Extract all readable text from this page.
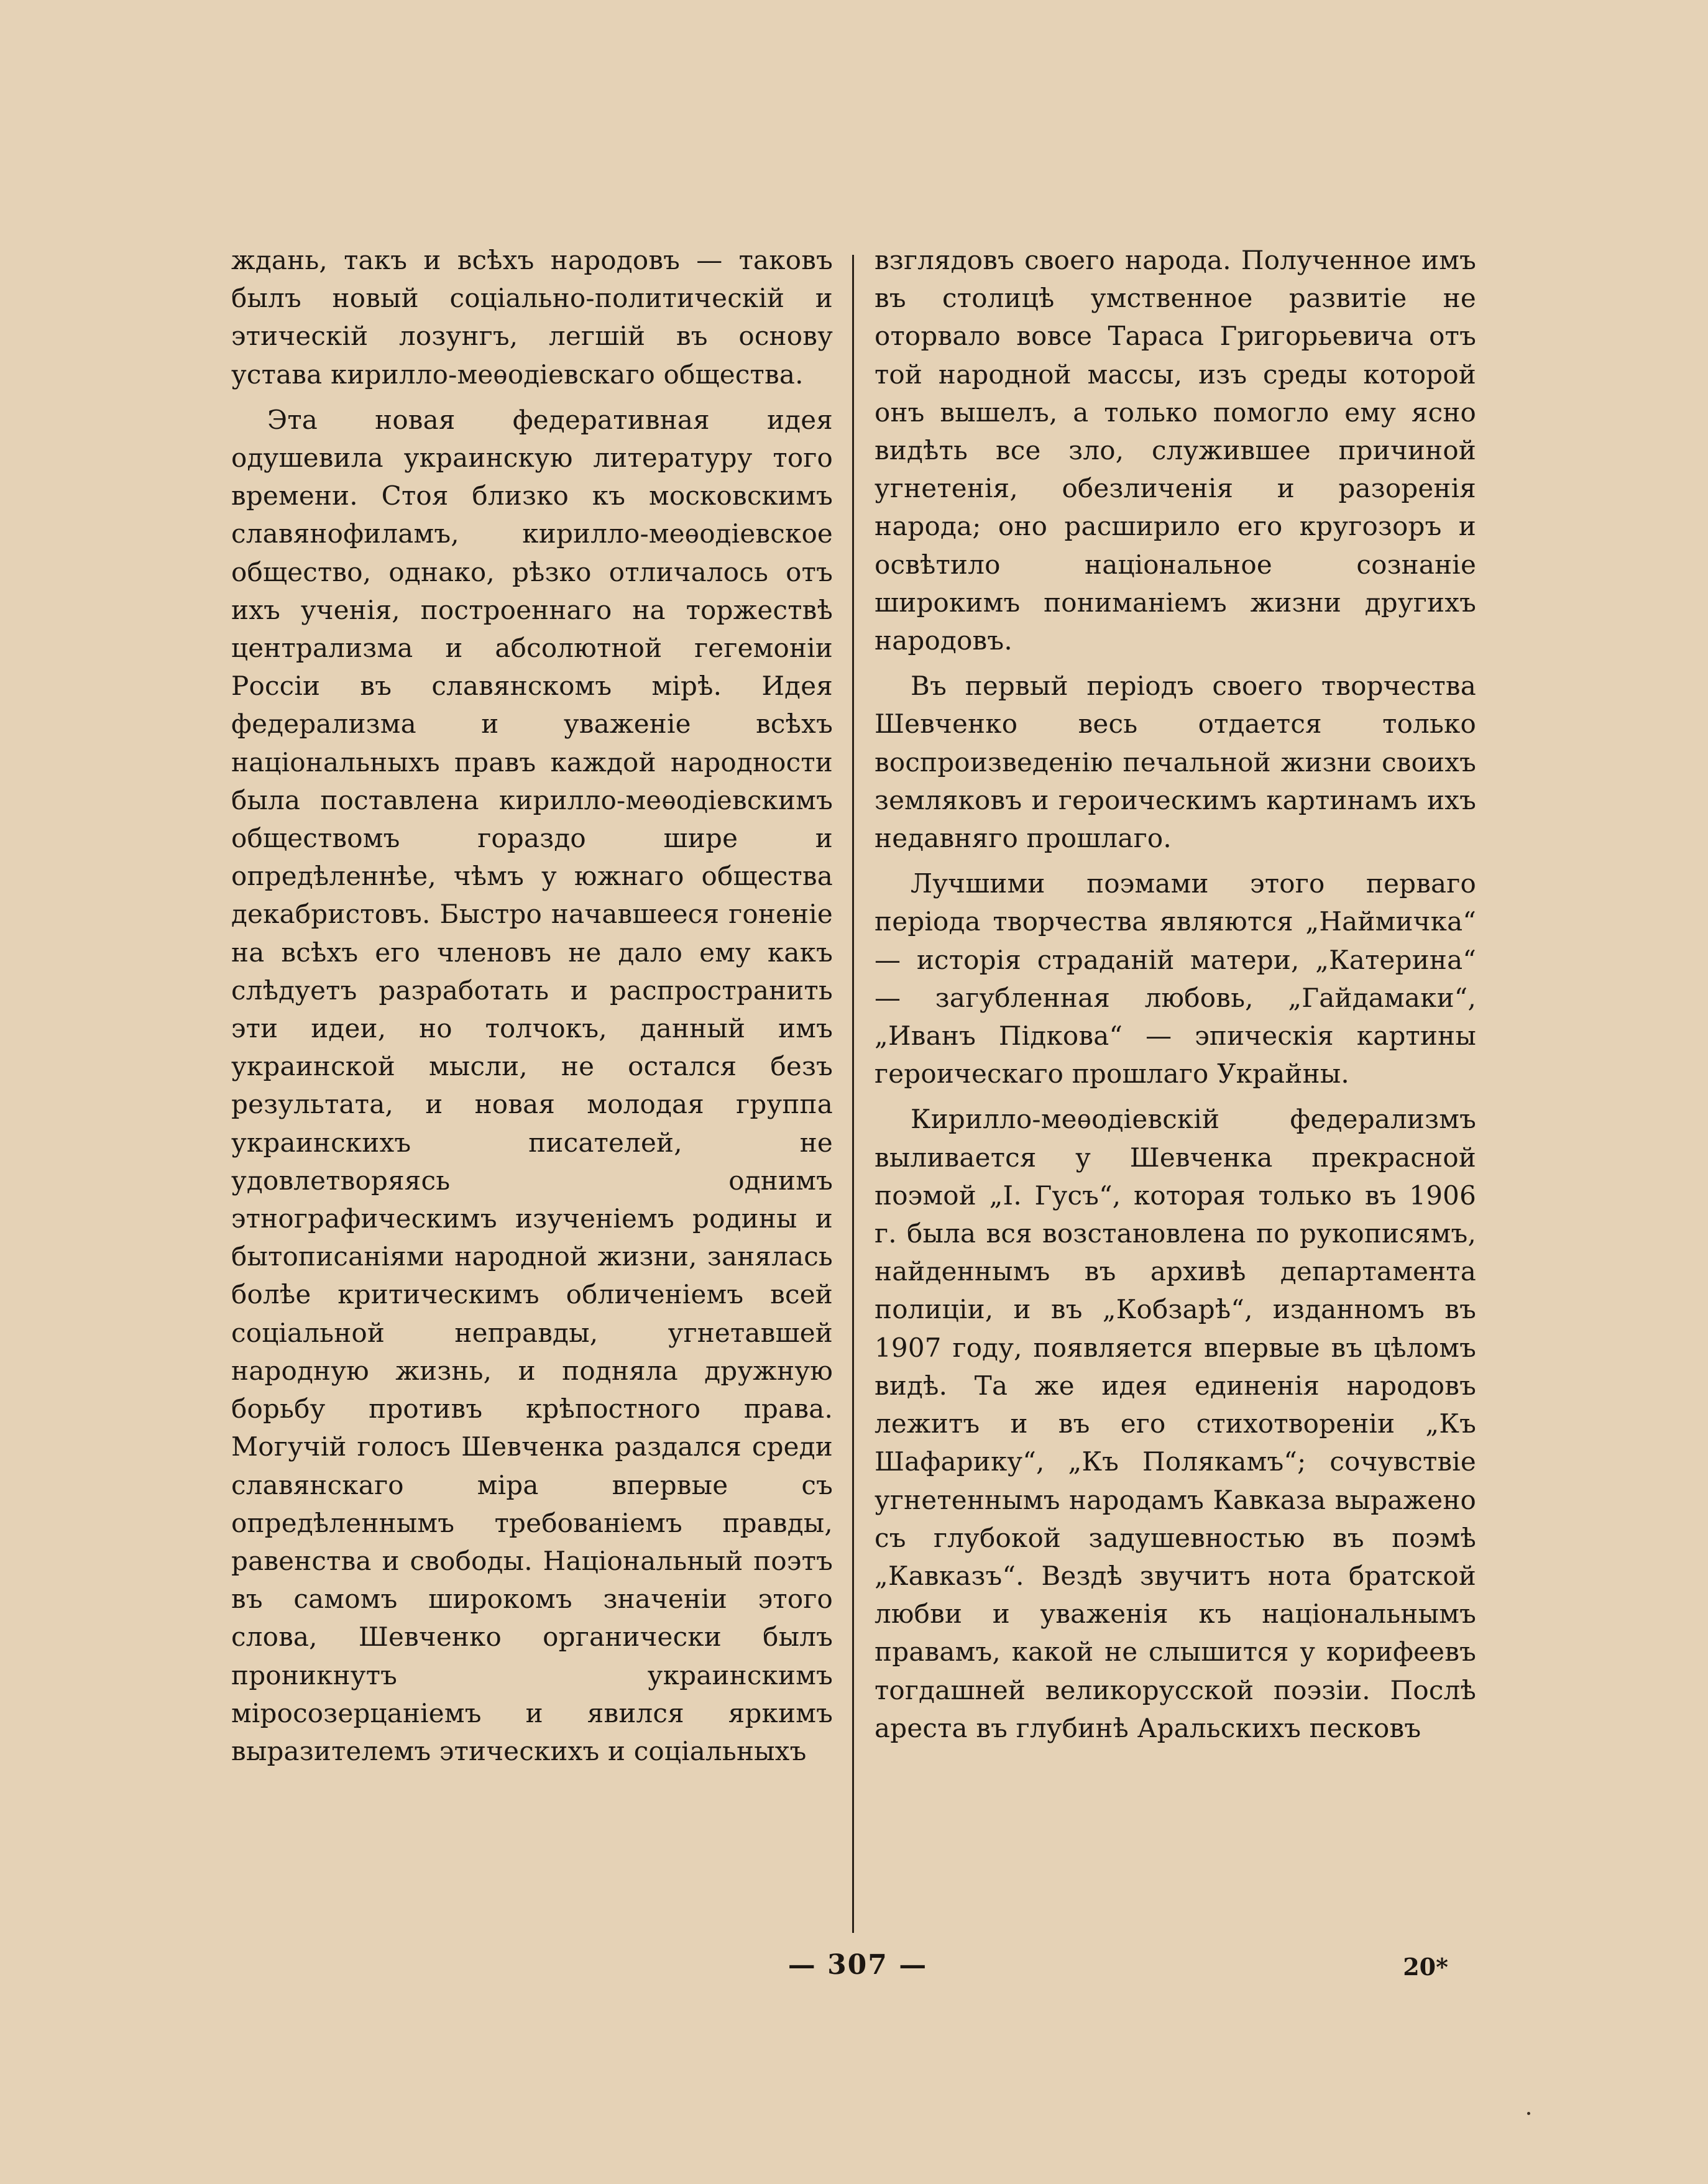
ждань, такъ и всѣхъ народовъ — таковъ былъ новый соціально-политическій и этическій лозунгъ, легшій въ основу устава кирилло-меѳодіевскаго общества.

Эта новая федеративная идея одушевила украинскую литературу того времени. Стоя близко къ московскимъ славянофиламъ, кирилло-меѳодіевское общество, однако, рѣзко отличалось отъ ихъ ученія, построеннаго на торжествѣ централизма и абсолютной гегемоніи Россіи въ славянскомъ мірѣ. Идея федерализма и уваженіе всѣхъ національныхъ правъ каждой народности была поставлена кирилло-меѳодіевскимъ обществомъ гораздо шире и опредѣленнѣе, чѣмъ у южнаго общества декабристовъ. Быстро начавшееся гоненіе на всѣхъ его членовъ не дало ему какъ слѣдуетъ разработать и распространить эти идеи, но толчокъ, данный имъ украинской мысли, не остался безъ результата, и новая молодая группа украинскихъ писателей, не удовлетворяясь однимъ этнографическимъ изученіемъ родины и бытописаніями народной жизни, занялась болѣе критическимъ обличеніемъ всей соціальной неправды, угнетавшей народную жизнь, и подняла дружную борьбу противъ крѣпостного права. Могучій голосъ Шевченка раздался среди славянскаго міра впервые съ опредѣленнымъ требованіемъ правды, равенства и свободы. Національный поэтъ въ самомъ широкомъ значеніи этого слова, Шевченко органически былъ проникнутъ украинскимъ міросозерцаніемъ и явился яркимъ выразителемъ этическихъ и соціальныхъ

взглядовъ своего народа. Полученное имъ въ столицѣ умственное развитіе не оторвало вовсе Тараса Григорьевича отъ той народной массы, изъ среды которой онъ вышелъ, а только помогло ему ясно видѣть все зло, служившее причиной угнетенія, обезличенія и разоренія народа; оно расширило его кругозоръ и освѣтило національное сознаніе широкимъ пониманіемъ жизни другихъ народовъ.

Въ первый періодъ своего творчества Шевченко весь отдается только воспроизведенію печальной жизни своихъ земляковъ и героическимъ картинамъ ихъ недавняго прошлаго.

Лучшими поэмами этого перваго періода творчества являются „Наймичка“ — исторія страданій матери, „Катерина“ — загубленная любовь, „Гайдамаки“, „Иванъ Підкова“ — эпическія картины героическаго прошлаго Украйны.

Кирилло-меѳодіевскій федерализмъ выливается у Шевченка прекрасной поэмой „І. Гусъ“, которая только въ 1906 г. была вся возстановлена по рукописямъ, найденнымъ въ архивѣ департамента полиціи, и въ „Кобзарѣ“, изданномъ въ 1907 году, появляется впервые въ цѣломъ видѣ. Та же идея единенія народовъ лежитъ и въ его стихотвореніи „Къ Шафарику“, „Къ Полякамъ“; сочувствіе угнетеннымъ народамъ Кавказа выражено съ глубокой задушевностью въ поэмѣ „Кавказъ“. Вездѣ звучитъ нота братской любви и уваженія къ національнымъ правамъ, какой не слышится у корифеевъ тогдашней великорусской поэзіи. Послѣ ареста въ глубинѣ Аральскихъ песковъ

— 307 —	20*
